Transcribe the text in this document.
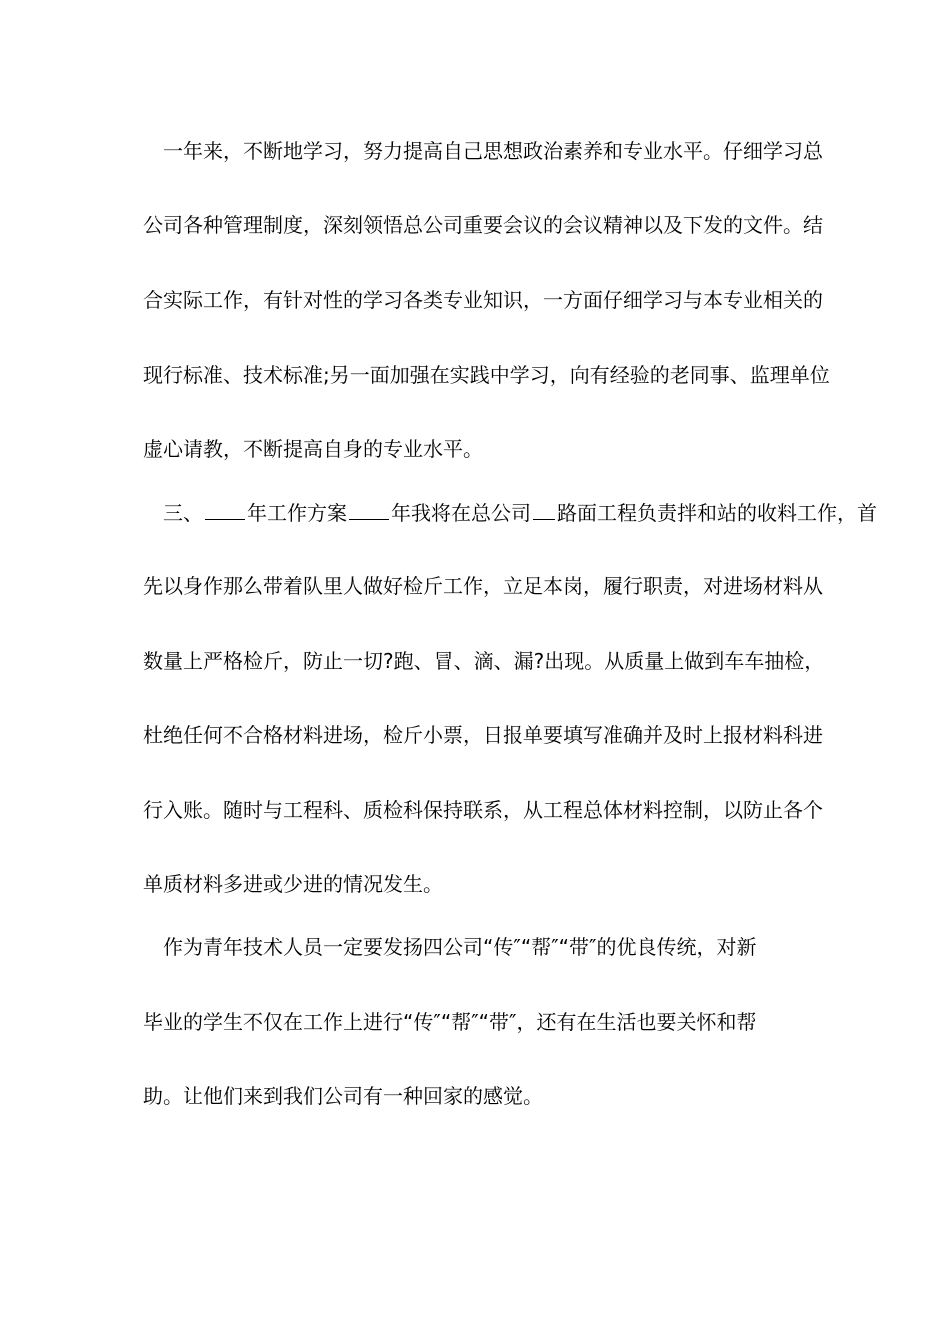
一年来，不断地学习，努力提高自己思想政治素养和专业水平。仔细学习总
公司各种管理制度，深刻领悟总公司重要会议的会议精神以及下发的文件。结
合实际工作，有针对性的学习各类专业知识，一方面仔细学习与本专业相关的
现行标准、技术标准;另一面加强在实践中学习，向有经验的老同事、监理单位
虚心请教，不断提高自身的专业水平。
三、 年工作方案 年我将在总公司 路面工程负责拌和站的收料工作，首
先以身作那么带着队里人做好检斤工作，立足本岗，履行职责，对进场材料从
数量上严格检斤，防止一切?跑、冒、滴、漏?出现。从质量上做到车车抽检，
杜绝任何不合格材料进场，检斤小票，日报单要填写准确并及时上报材料科进
行入账。随时与工程科、质检科保持联系，从工程总体材料控制，以防止各个
单质材料多进或少进的情况发生。
作为青年技术人员一定要发扬四公司“传″“帮″“带″的优良传统，对新
毕业的学生不仅在工作上进行“传″“帮″“带″，还有在生活也要关怀和帮
助。让他们来到我们公司有一种回家的感觉。
